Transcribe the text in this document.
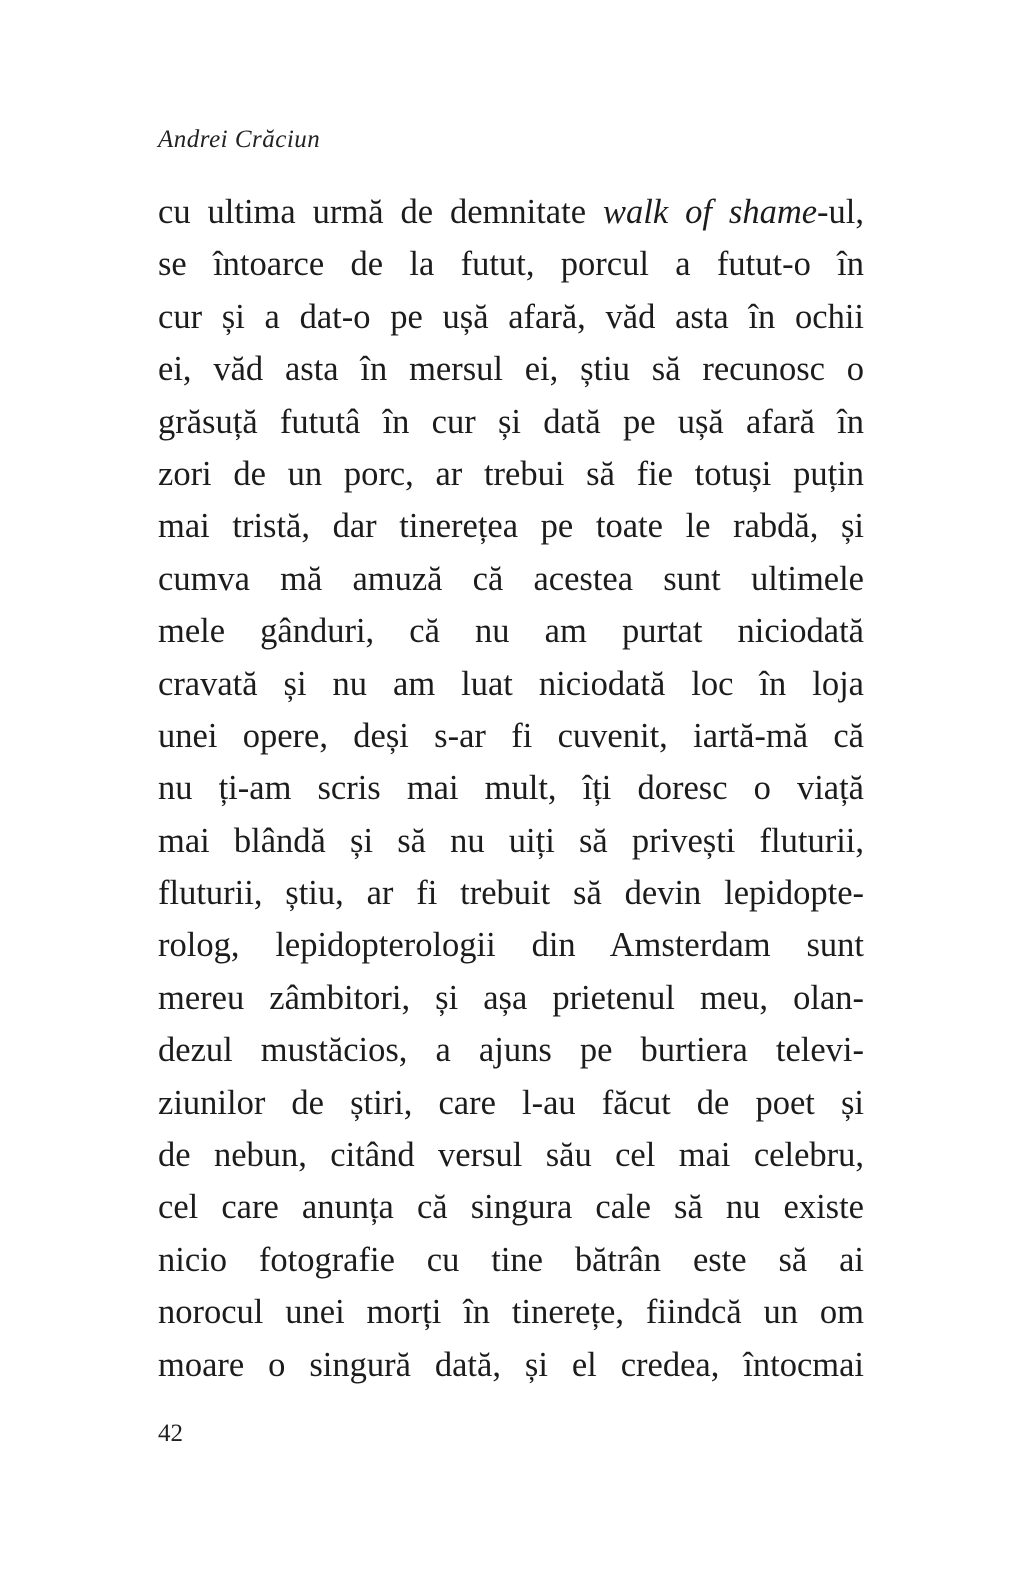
Andrei Crăciun
cu ultima urmă de demnitate walk of shame-ul,
se întoarce de la futut, porcul a futut-o în
cur și a dat-o pe ușă afară, văd asta în ochii
ei, văd asta în mersul ei, știu să recunosc o
grăsuță fututâ în cur și dată pe ușă afară în
zori de un porc, ar trebui să fie totuși puțin
mai tristă, dar tinerețea pe toate le rabdă, și
cumva mă amuză că acestea sunt ultimele
mele gânduri, că nu am purtat niciodată
cravată și nu am luat niciodată loc în loja
unei opere, deși s-ar fi cuvenit, iartă-mă că
nu ți-am scris mai mult, îți doresc o viață
mai blândă și să nu uiți să privești fluturii,
fluturii, știu, ar fi trebuit să devin lepidopte-
rolog, lepidopterologii din Amsterdam sunt
mereu zâmbitori, și așa prietenul meu, olan-
dezul mustăcios, a ajuns pe burtiera televi-
ziunilor de știri, care l-au făcut de poet și
de nebun, citând versul său cel mai celebru,
cel care anunța că singura cale să nu existe
nicio fotografie cu tine bătrân este să ai
norocul unei morți în tinerețe, fiindcă un om
moare o singură dată, și el credea, întocmai
42
